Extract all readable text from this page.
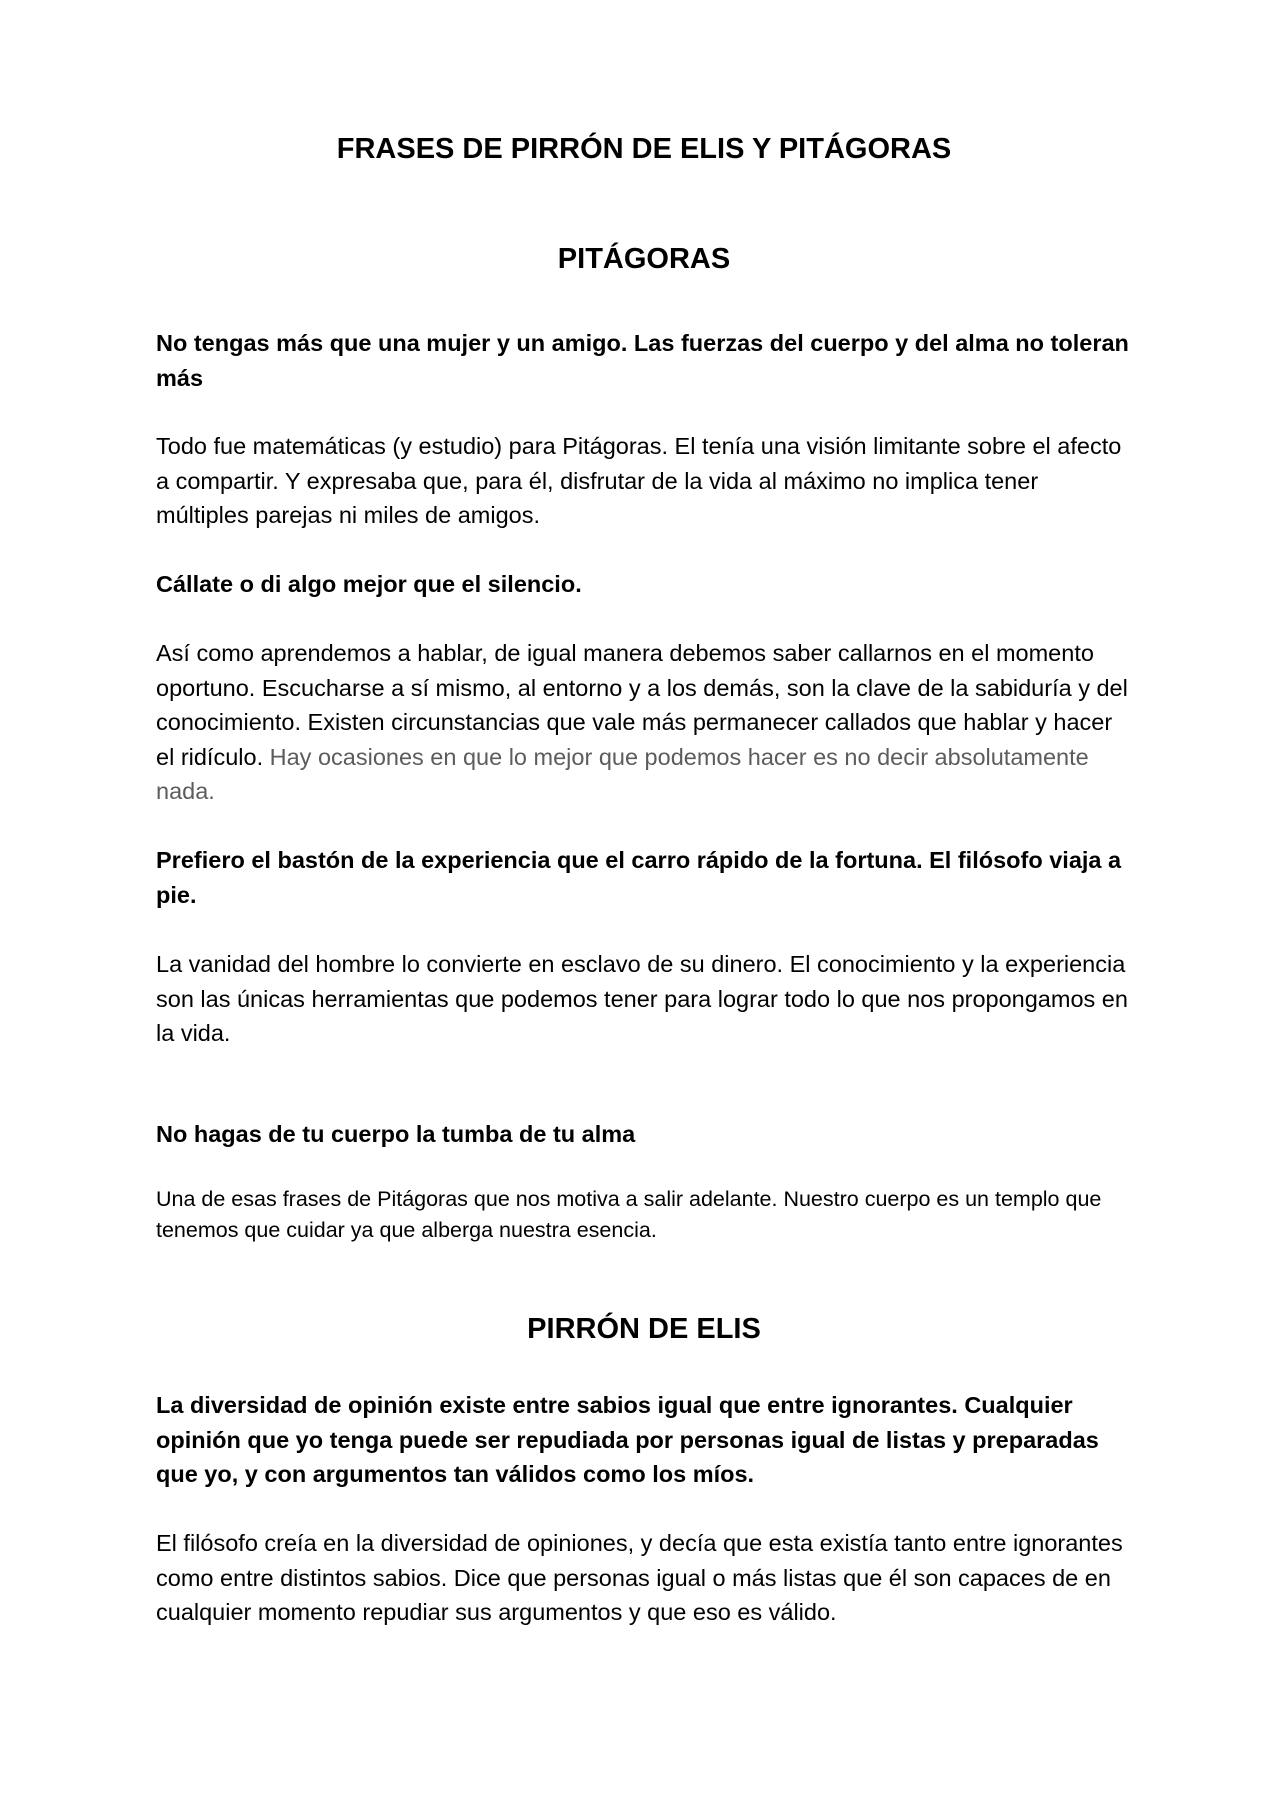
FRASES DE PIRRÓN DE ELIS Y PITÁGORAS
PITÁGORAS

No tengas más que una mujer y un amigo. Las fuerzas del cuerpo y del alma no toleran más

Todo fue matemáticas (y estudio) para Pitágoras. El tenía una visión limitante sobre el afecto a compartir. Y expresaba que, para él, disfrutar de la vida al máximo no implica tener múltiples parejas ni miles de amigos.

Cállate o di algo mejor que el silencio.

Así como aprendemos a hablar, de igual manera debemos saber callarnos en el momento oportuno. Escucharse a sí mismo, al entorno y a los demás, son la clave de la sabiduría y del conocimiento. Existen circunstancias que vale más permanecer callados que hablar y hacer el ridículo. Hay ocasiones en que lo mejor que podemos hacer es no decir absolutamente nada.

Prefiero el bastón de la experiencia que el carro rápido de la fortuna. El filósofo viaja a pie.

La vanidad del hombre lo convierte en esclavo de su dinero. El conocimiento y la experiencia son las únicas herramientas que podemos tener para lograr todo lo que nos propongamos en la vida.

No hagas de tu cuerpo la tumba de tu alma

Una de esas frases de Pitágoras que nos motiva a salir adelante. Nuestro cuerpo es un templo que tenemos que cuidar ya que alberga nuestra esencia.

PIRRÓN DE ELIS

La diversidad de opinión existe entre sabios igual que entre ignorantes. Cualquier opinión que yo tenga puede ser repudiada por personas igual de listas y preparadas que yo, y con argumentos tan válidos como los míos.

El filósofo creía en la diversidad de opiniones, y decía que esta existía tanto entre ignorantes como entre distintos sabios. Dice que personas igual o más listas que él son capaces de en cualquier momento repudiar sus argumentos y que eso es válido.
